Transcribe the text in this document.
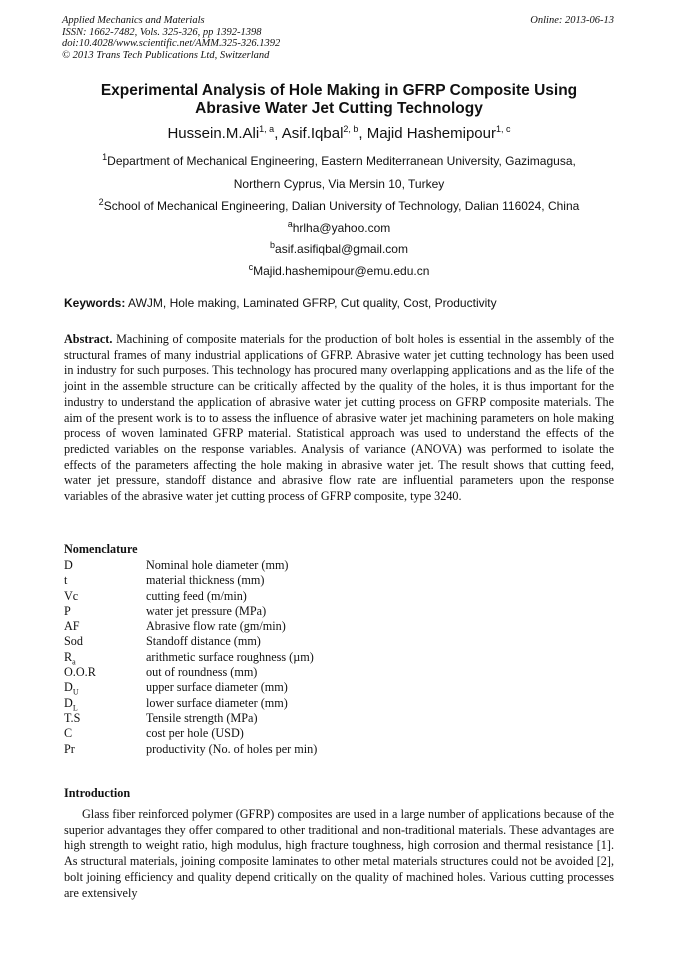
Applied Mechanics and Materials
ISSN: 1662-7482, Vols. 325-326, pp 1392-1398
doi:10.4028/www.scientific.net/AMM.325-326.1392
© 2013 Trans Tech Publications Ltd, Switzerland
Online: 2013-06-13
Experimental Analysis of Hole Making in GFRP Composite Using
Abrasive Water Jet Cutting Technology
Hussein.M.Ali$^{1, a}$, Asif.Iqbal$^{2, b}$, Majid Hashemipour$^{1, c}$
$^1$Department of Mechanical Engineering, Eastern Mediterranean University, Gazimagusa,
Northern Cyprus, Via Mersin 10, Turkey
$^2$School of Mechanical Engineering, Dalian University of Technology, Dalian 116024, China
$^a$hrlha@yahoo.com
$^b$asif.asifiqbal@gmail.com
$^c$Majid.hashemipour@emu.edu.cn
Keywords: AWJM, Hole making, Laminated GFRP, Cut quality, Cost, Productivity
Abstract. Machining of composite materials for the production of bolt holes is essential in the assembly of the structural frames of many industrial applications of GFRP. Abrasive water jet cutting technology has been used in industry for such purposes. This technology has procured many overlapping applications and as the life of the joint in the assemble structure can be critically affected by the quality of the holes, it is thus important for the industry to understand the application of abrasive water jet cutting process on GFRP composite materials. The aim of the present work is to to assess the influence of abrasive water jet machining parameters on hole making process of woven laminated GFRP material. Statistical approach was used to understand the effects of the predicted variables on the response variables. Analysis of variance (ANOVA) was performed to isolate the effects of the parameters affecting the hole making in abrasive water jet. The result shows that cutting feed, water jet pressure, standoff distance and abrasive flow rate are influential parameters upon the response variables of the abrasive water jet cutting process of GFRP composite, type 3240.
Nomenclature
D	Nominal hole diameter (mm)
t	material thickness (mm)
Vc	cutting feed (m/min)
P	water jet pressure (MPa)
AF	Abrasive flow rate (gm/min)
Sod	Standoff distance (mm)
$R_a$	arithmetic surface roughness (µm)
O.O.R	out of roundness (mm)
$D_U$	upper surface diameter (mm)
$D_L$	lower surface diameter (mm)
T.S	Tensile strength (MPa)
C	cost per hole (USD)
Pr	productivity (No. of holes per min)
Introduction
Glass fiber reinforced polymer (GFRP) composites are used in a large number of applications because of the superior advantages they offer compared to other traditional and non-traditional materials. These advantages are high strength to weight ratio, high modulus, high fracture toughness, high corrosion and thermal resistance [1]. As structural materials, joining composite laminates to other metal materials structures could not be avoided [2], bolt joining efficiency and quality depend critically on the quality of machined holes. Various cutting processes are extensively
